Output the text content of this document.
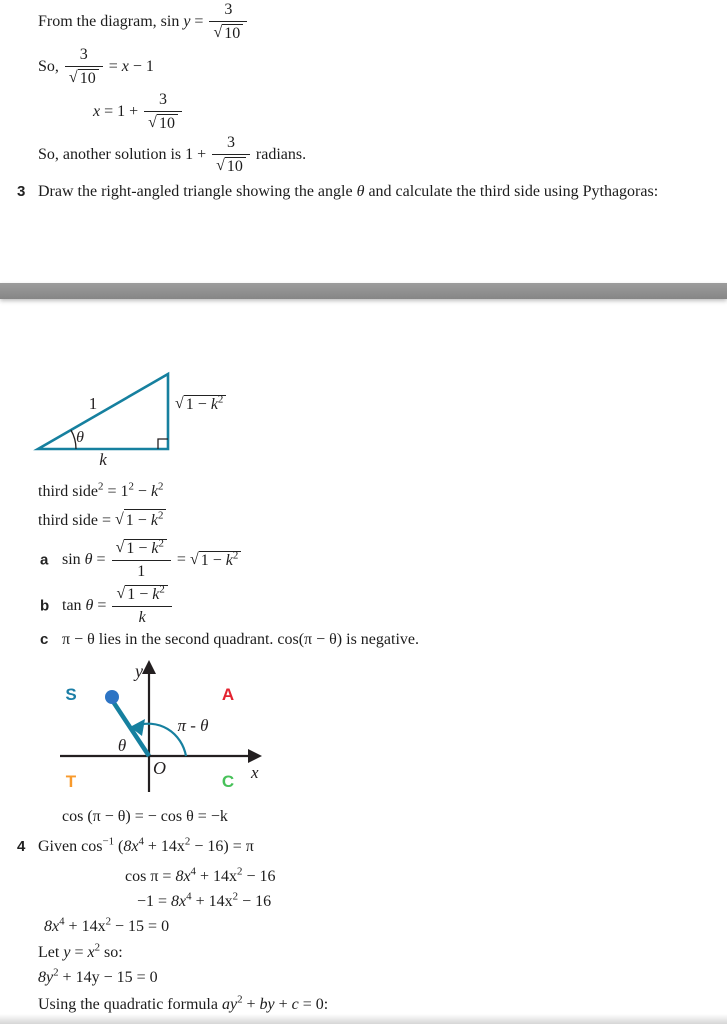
From the diagram, $\sin y = \frac{3}{√ 10}$
So, $\frac{3}{√ 10} = x - 1$
$x = 1 + \frac{3}{√ 10}$
So, another solution is $1 + \frac{3}{√ 10}$ radians.
3 Draw the right-angled triangle showing the angle θ and calculate the third side using Pythagoras:
1
θ
k
√ $1 - k^2$
third side$^2$ = $1^2 - k^2$
third side = √ $1 - k^2$
a $\sin \theta = \frac{√ 1 - k^2}{1}$ = √ $1 - k^2$
b $\tan \theta = \frac{√ 1 - k^2}{k}$
c π − θ lies in the second quadrant. cos(π − θ) is negative.
S	A
T	C
y
x
O
π - θ
θ
cos (π − θ) = − cos θ = −k
4 Given $\cos^{-1} (8x^4 + 14x^2 - 16) = \pi$
$\cos \pi = 8x^4 + 14x^2 - 16$
$-1 = 8x^4 + 14x^2 - 16$
$8x^4 + 14x^2 - 15 = 0$
Let $y = x^2$ so:
$8y^2 + 14y - 15 = 0$
Using the quadratic formula $ay^2$ + by + c = 0:
